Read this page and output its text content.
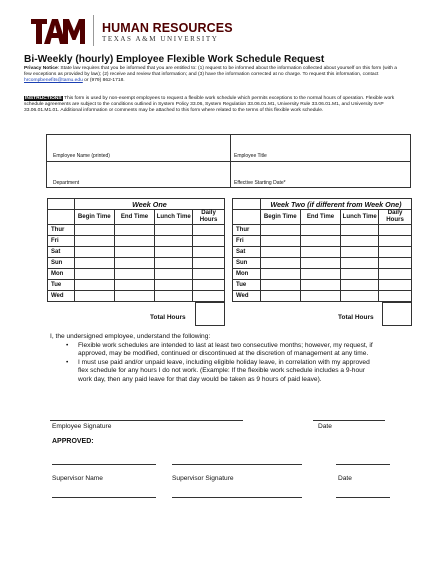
HUMAN RESOURCES
TEXAS A&M UNIVERSITY
Bi-Weekly (hourly) Employee Flexible Work Schedule Request
Privacy Notice: State law requires that you be informed that you are entitled to: (1) request to be informed about the information collected about yourself on this form (with a few exceptions as provided by law); (2) receive and review that information; and (3) have the information corrected at no charge. To request this information, contact hrcompbenefits@tamu.edu or (979) 862-1718.
INSTRUCTIONS This form is used by non-exempt employees to request a flexible work schedule which permits exceptions to the normal hours of operation. Flexible work schedule agreements are subject to the conditions outlined in System Policy 33.06, System Regulation 33.06.01.M1, University Rule 33.06.01.M1, and University SAP 33.06.01.M1.01. Additional information or comments may be attached to this form where related to the terms of this flexible work schedule.
Employee Name (printed)	Employee Title
Department	Effective Starting Date*
	Week One			
	Begin Time	End Time	Lunch Time	Daily Hours
Thur				
Fri				
Sat				
Sun				
Mon				
Tue				
Wed				
	Week Two (if different from Week One)			
	Begin Time	End Time	Lunch Time	Daily Hours
Thur				
Fri				
Sat				
Sun				
Mon				
Tue				
Wed				
Total Hours	Total Hours
I, the undersigned employee, understand the following:
• Flexible work schedules are intended to last at least two consecutive months; however, my request, if approved, may be modified, continued or discontinued at the discretion of management at any time.
• I must use paid and/or unpaid leave, including eligible holiday leave, in correlation with my approved flex schedule for any hours I do not work. (Example: If the flexible work schedule includes a 9-hour work day, then any paid leave for that day would be taken as 9 hours of paid leave).
Employee Signature	Date
APPROVED:
Supervisor Name	Supervisor Signature	Date
